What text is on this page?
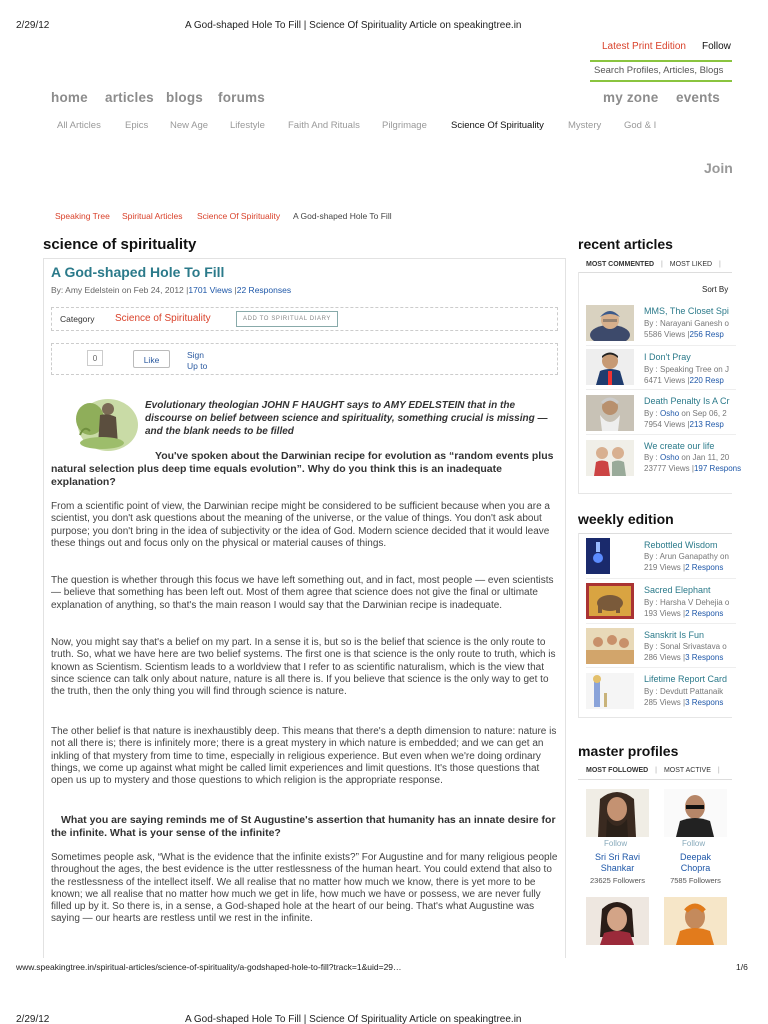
2/29/12	A God-shaped Hole To Fill | Science Of Spirituality Article on speakingtree.in
Latest Print Edition Follow
Search Profiles, Articles, Blogs
home articles blogs forums	my zone events
All Articles	Epics New Age Lifestyle Faith And Rituals Pilgrimage	Science Of Spirituality	Mystery God & I
Join
Speaking Tree Spiritual Articles Science Of Spirituality A God-shaped Hole To Fill
science of spirituality
A God-shaped Hole To Fill
By: Amy Edelstein on Feb 24, 2012 |1701 Views |22 Responses
Category Science of Spirituality	ADD TO SPIRITUAL DIARY
0	Like	Sign
Up to
Evolutionary theologian JOHN F HAUGHT says to AMY EDELSTEIN that in the discourse on belief between science and spirituality, something crucial is missing — and the blank needs to be filled
You've spoken about the Darwinian recipe for evolution as “random events plus natural selection plus deep time equals evolution”. Why do you think this is an inadequate explanation?
From a scientific point of view, the Darwinian recipe might be considered to be sufficient because when you are a scientist, you don't ask questions about the meaning of the universe, or the value of things. You don't ask about purpose; you don't bring in the idea of subjectivity or the idea of God. Modern science decided that it would leave these things out and focus only on the physical or material causes of things.
The question is whether through this focus we have left something out, and in fact, most people — even scientists — believe that something has been left out. Most of them agree that science does not give the final or ultimate explanation of anything, so that's the main reason I would say that the Darwinian recipe is inadequate.
Now, you might say that's a belief on my part. In a sense it is, but so is the belief that science is the only route to truth. So, what we have here are two belief systems. The first one is that science is the only route to truth, which is known as Scientism. Scientism leads to a worldview that I refer to as scientific naturalism, which is the view that since science can talk only about nature, nature is all there is. If you believe that science is the only way to get to the truth, then the only thing you will find through science is nature.
The other belief is that nature is inexhaustibly deep. This means that there's a depth dimension to nature: nature is not all there is; there is infinitely more; there is a great mystery in which nature is embedded; and we can get an inkling of that mystery from time to time, especially in religious experience. But even when we're doing ordinary things, we come up against what might be called limit experiences and limit questions. It's those questions that open us up to mystery and those questions to which religion is the appropriate response.
What you are saying reminds me of St Augustine's assertion that humanity has an innate desire for the infinite. What is your sense of the infinite?
Sometimes people ask, “What is the evidence that the infinite exists?” For Augustine and for many religious people throughout the ages, the best evidence is the utter restlessness of the human heart. You could extend that also to the restlessness of the intellect itself. We all realise that no matter how much we know, there is yet more to be known; we all realise that no matter how much we get in life, how much we have or possess, we are never fully filled up by it. So there is, in a sense, a God-shaped hole at the heart of our being. That's what Augustine was saying — our hearts are restless until we rest in the infinite.
recent articles
MOST COMMENTED | MOST LIKED |
Sort By
MMS, The Closet Spi
By : Narayani Ganesh o
5586 Views |256 Resp
I Don't Pray
By : Speaking Tree on J
6471 Views |220 Resp
Death Penalty Is A Cr
By : Osho on Sep 06, 2
7954 Views |213 Resp
We create our life
By : Osho on Jan 11, 20
23777 Views |197 Respons
weekly edition
Rebottled Wisdom
By : Arun Ganapathy on
219 Views |2 Respons
Sacred Elephant
By : Harsha V Dehejia o
193 Views |2 Respons
Sanskrit Is Fun
By : Sonal Srivastava o
286 Views |3 Respons
Lifetime Report Card
By : Devdutt Pattanaik
285 Views |3 Respons
master profiles
MOST FOLLOWED | MOST ACTIVE |
Follow	Follow
Sri Sri Ravi
Shankar
Deepak
Chopra
23625 Followers	7585 Followers
www.speakingtree.in/spiritual-articles/science-of-spirituality/a-godshaped-hole-to-fill?track=1&uid=29…	1/6
2/29/12	A God-shaped Hole To Fill | Science Of Spirituality Article on speakingtree.in
